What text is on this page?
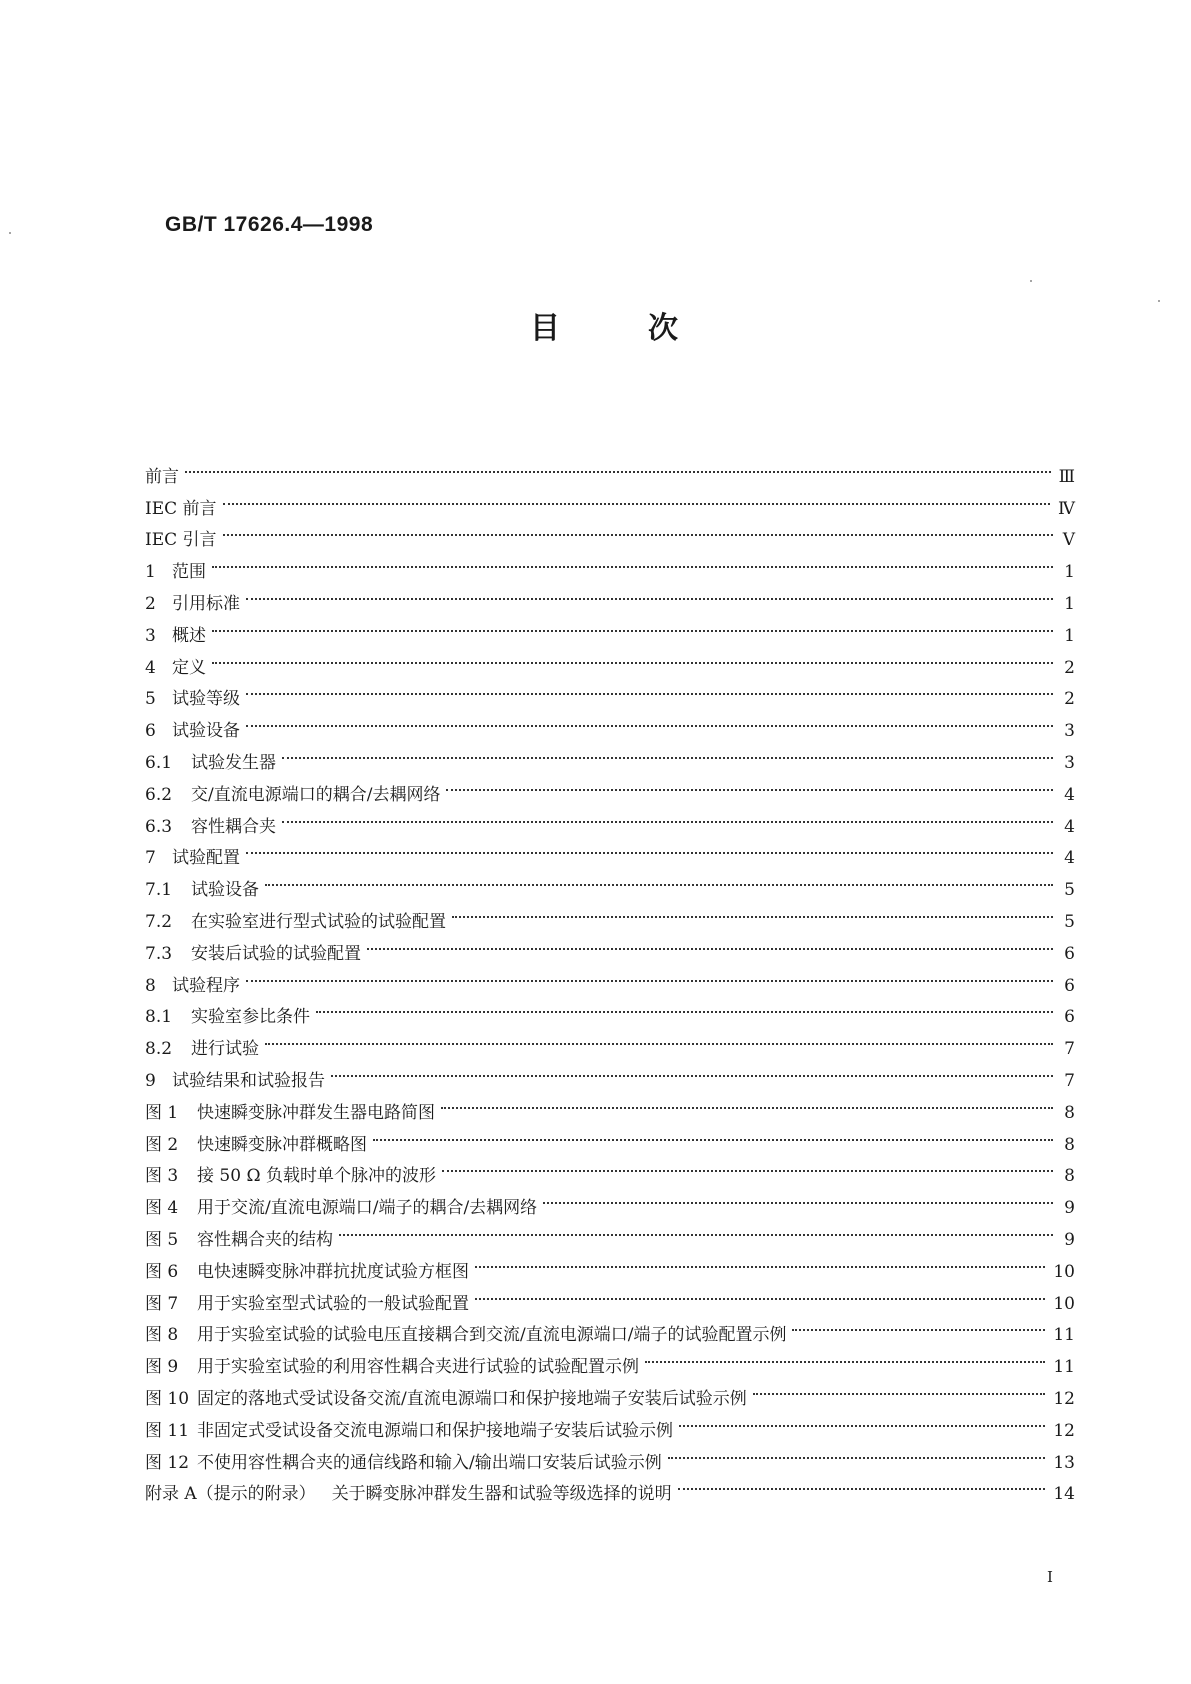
GB/T 17626.4—1998
目	次
前言	Ⅲ
IEC 前言	Ⅳ
IEC 引言	Ⅴ
1 范围	1
2 引用标准	1
3 概述	1
4 定义	2
5 试验等级	2
6 试验设备	3
6.1 试验发生器	3
6.2 交/直流电源端口的耦合/去耦网络	4
6.3 容性耦合夹	4
7 试验配置	4
7.1 试验设备	5
7.2 在实验室进行型式试验的试验配置	5
7.3 安装后试验的试验配置	6
8 试验程序	6
8.1 实验室参比条件	6
8.2 进行试验	7
9 试验结果和试验报告	7
图 1 快速瞬变脉冲群发生器电路简图	8
图 2 快速瞬变脉冲群概略图	8
图 3 接 50 Ω 负载时单个脉冲的波形	8
图 4 用于交流/直流电源端口/端子的耦合/去耦网络	9
图 5 容性耦合夹的结构	9
图 6 电快速瞬变脉冲群抗扰度试验方框图	10
图 7 用于实验室型式试验的一般试验配置	10
图 8 用于实验室试验的试验电压直接耦合到交流/直流电源端口/端子的试验配置示例	11
图 9 用于实验室试验的利用容性耦合夹进行试验的试验配置示例	11
图 10 固定的落地式受试设备交流/直流电源端口和保护接地端子安装后试验示例	12
图 11 非固定式受试设备交流电源端口和保护接地端子安装后试验示例	12
图 12 不使用容性耦合夹的通信线路和输入/输出端口安装后试验示例	13
附录 A（提示的附录） 关于瞬变脉冲群发生器和试验等级选择的说明	14
I
